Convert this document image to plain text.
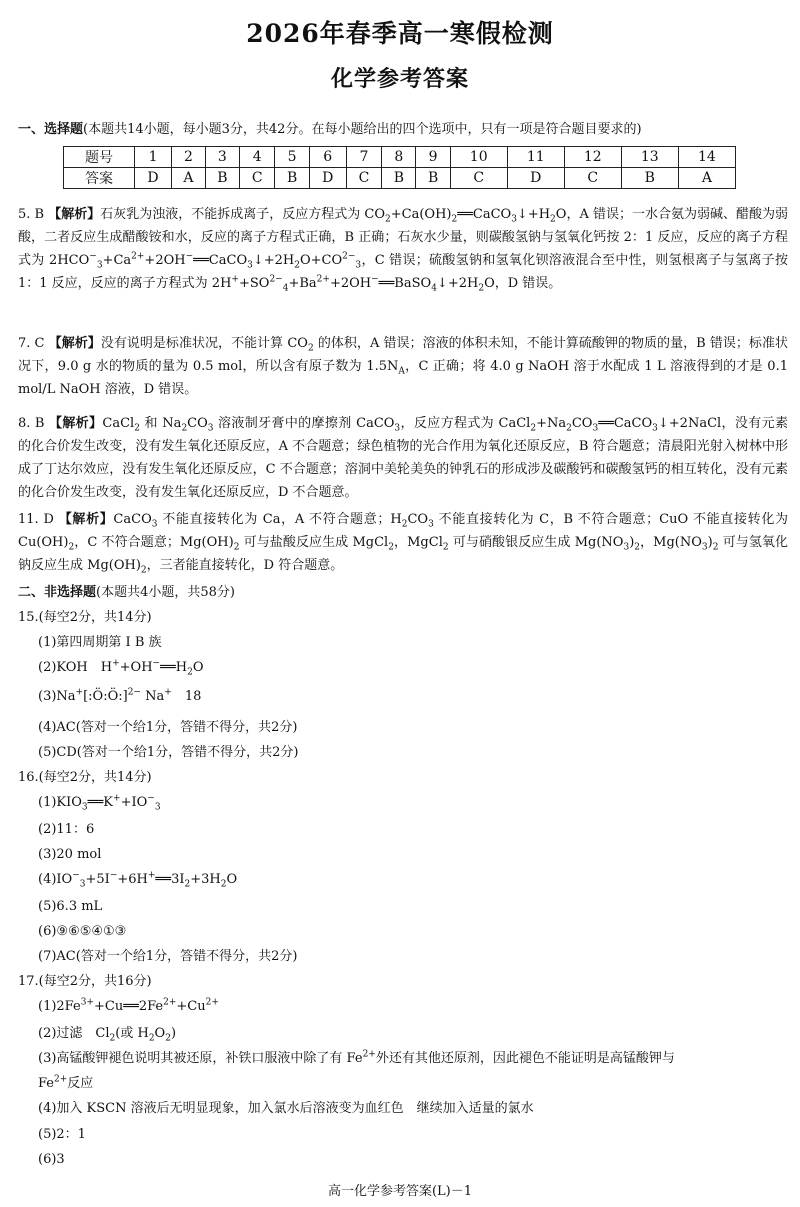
2026年春季高一寒假检测
化学参考答案
一、选择题(本题共14小题，每小题3分，共42分。在每小题给出的四个选项中，只有一项是符合题目要求的)
题号	1	2	3	4	5	6	7	8	9	10	11	12	13	14
答案	D	A	B	C	B	D	C	B	B	C	D	C	B	A
5. B 【解析】石灰乳为浊液，不能拆成离子，反应方程式为 $CO_2+Ca(OH)_2══CaCO_3↓+H_2O$，A 错误；一水合氨为弱碱、醋酸为弱酸，二者反应生成醋酸铵和水，反应的离子方程式正确，B 正确；石灰水少量，则碳酸氢钠与氢氧化钙按 2：1 反应，反应的离子方程式为 $2HCO^-_3+Ca^{2+}+2OH^-══CaCO_3↓+2H_2O+CO^{2-}_3$，C 错误；硫酸氢钠和氢氧化钡溶液混合至中性，则氢根离子与氢离子按 1：1 反应，反应的离子方程式为 $2H^++SO^{2-}_4+Ba^{2+}+2OH^-══BaSO_4↓+2H_2O$，D 错误。
7. C 【解析】没有说明是标准状况，不能计算 $CO_2$ 的体积，A 错误；溶液的体积未知，不能计算硫酸钾的物质的量，B 错误；标准状况下，9.0 g 水的物质的量为 0.5 mol，所以含有原子数为 $1.5N_A$，C 正确；将 4.0 g NaOH 溶于水配成 1 L 溶液得到的才是 0.1 mol/L NaOH 溶液，D 错误。
8. B 【解析】CaCl$_2$ 和 $Na_2CO_3$ 溶液制牙膏中的摩擦剂 CaCO$_3$，反应方程式为 $CaCl_2+Na_2CO_3══CaCO_3↓+2NaCl$，没有元素的化合价发生改变，没有发生氧化还原反应，A 不合题意；绿色植物的光合作用为氧化还原反应，B 符合题意；清晨阳光射入树林中形成了丁达尔效应，没有发生氧化还原反应，C 不合题意；溶洞中美轮美奂的钟乳石的形成涉及碳酸钙和碳酸氢钙的相互转化，没有元素的化合价发生改变，没有发生氧化还原反应，D 不合题意。
11. D 【解析】CaCO$_3$ 不能直接转化为 Ca，A 不符合题意；$H_2CO_3$ 不能直接转化为 C，B 不符合题意；CuO 不能直接转化为 $Cu(OH)_2$，C 不符合题意；$Mg(OH)_2$ 可与盐酸反应生成 MgCl$_2$，MgCl$_2$ 可与硝酸银反应生成 $Mg(NO_3)_2$，$Mg(NO_3)_2$ 可与氢氧化钠反应生成 $Mg(OH)_2$，三者能直接转化，D 符合题意。
二、非选择题(本题共4小题，共58分)
15.(每空2分，共14分)
(1)第四周期第 I B 族
(2)KOH　$H^++OH^-══H_2O$
(3)Na+[:Ö:Ö:]$^{2-}$ Na+　18
(4)AC(答对一个给1分，答错不得分，共2分)
(5)CD(答对一个给1分，答错不得分，共2分)
16.(每空2分，共14分)
$(1)KIO_3══K^++IO^-_3$
(2)11：6
(3)20 mol
$(4)IO^-_3+5I^-+6H^+══3I_2+3H_2O$
(5)6.3 mL
(6)⑨⑥⑤④①③
(7)AC(答对一个给1分，答错不得分，共2分)
17.(每空2分，共16分)
$(1)2Fe^{3+}+Cu══2Fe^{2+}+Cu^{2+}$
(2)过滤　$Cl_2$(或 $H_2O_2$)
(3)高锰酸钾褪色说明其被还原，补铁口服液中除了有 $Fe^{2+}$外还有其他还原剂，因此褪色不能证明是高锰酸钾与
$Fe^{2+}$反应
(4)加入 KSCN 溶液后无明显现象，加入氯水后溶液变为血红色　继续加入适量的氯水
(5)2：1
(6)3
高一化学参考答案(L)－1
